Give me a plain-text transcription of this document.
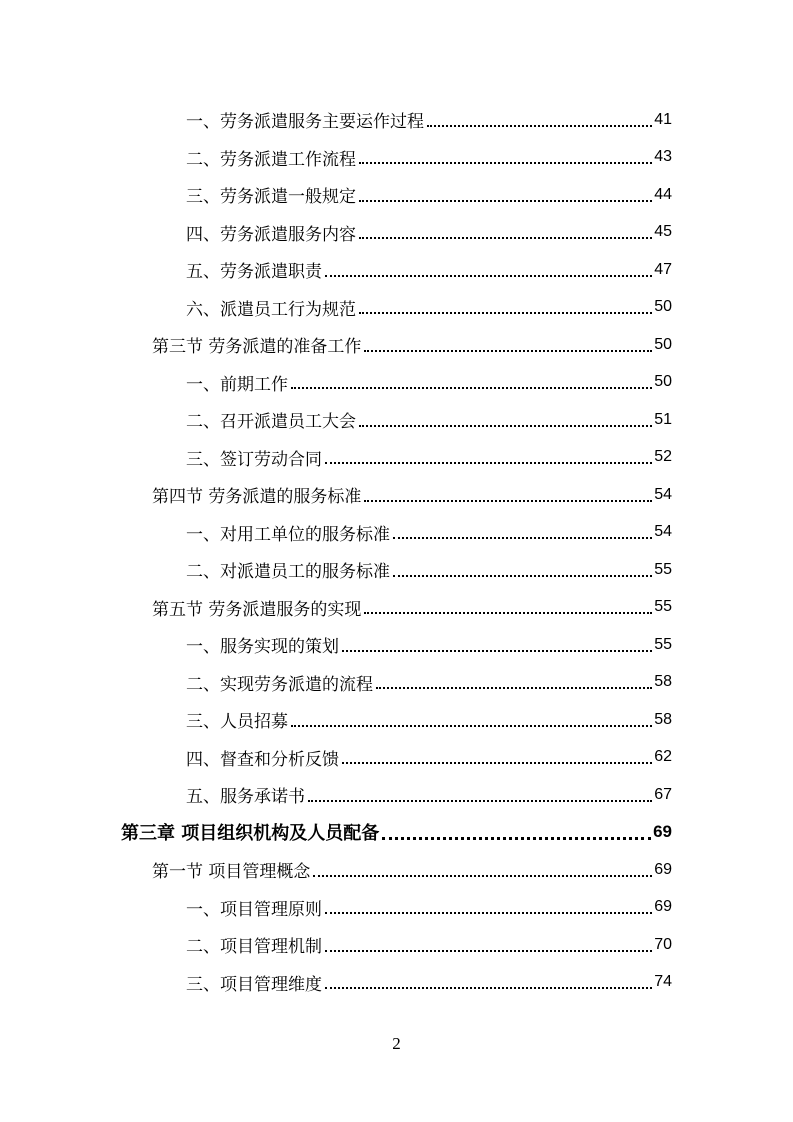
一、劳务派遣服务主要运作过程	41
二、劳务派遣工作流程	43
三、劳务派遣一般规定	44
四、劳务派遣服务内容	45
五、劳务派遣职责	47
六、派遣员工行为规范	50
第三节 劳务派遣的准备工作	50
一、前期工作	50
二、召开派遣员工大会	51
三、签订劳动合同	52
第四节 劳务派遣的服务标准	54
一、对用工单位的服务标准	54
二、对派遣员工的服务标准	55
第五节 劳务派遣服务的实现	55
一、服务实现的策划	55
二、实现劳务派遣的流程	58
三、人员招募	58
四、督查和分析反馈	62
五、服务承诺书	67
第三章 项目组织机构及人员配备	69
第一节 项目管理概念	69
一、项目管理原则	69
二、项目管理机制	70
三、项目管理维度	74
2
